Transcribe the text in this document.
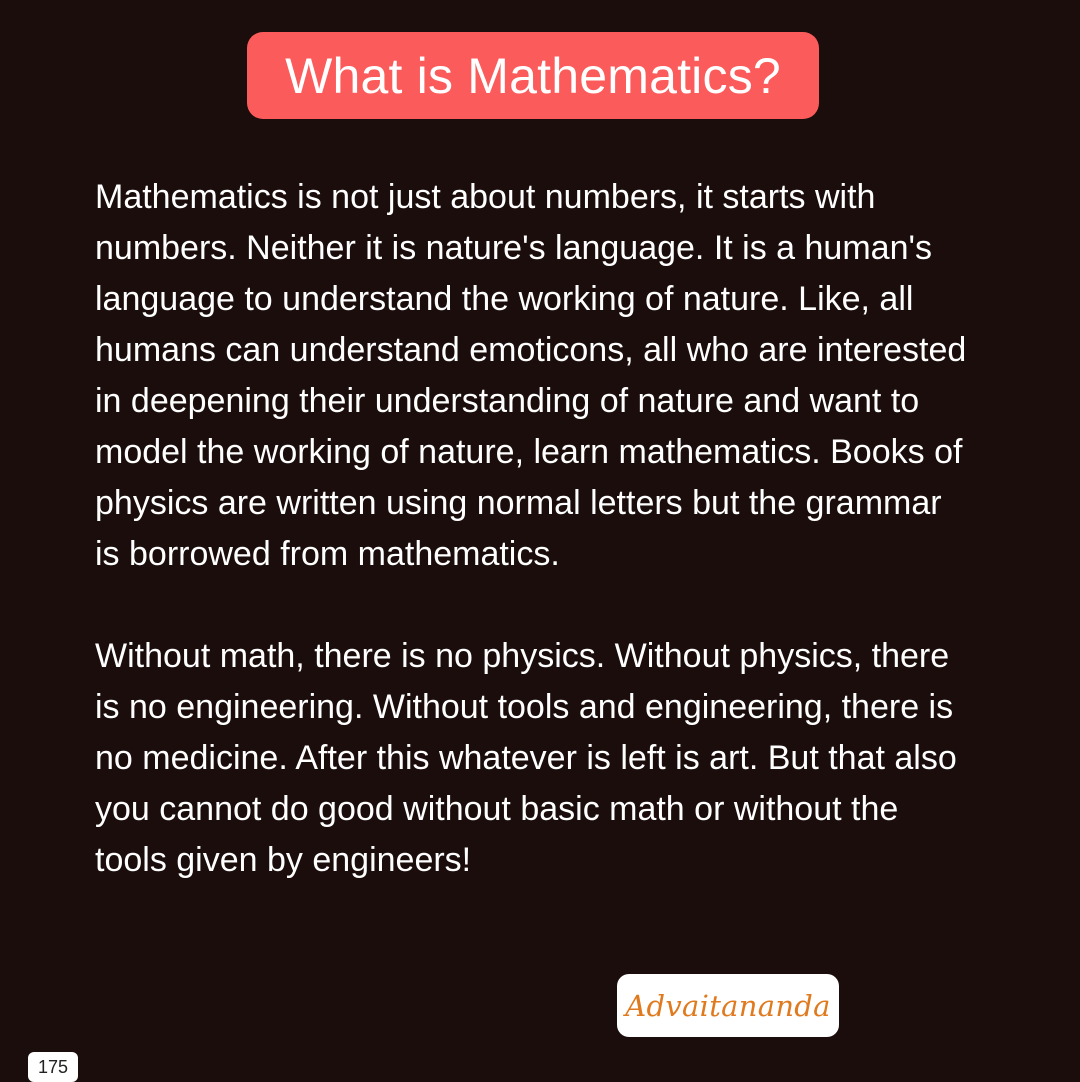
What is Mathematics?

Mathematics is not just about numbers, it starts with numbers. Neither it is nature's language. It is a human's language to understand the working of nature. Like, all humans can understand emoticons, all who are interested in deepening their understanding of nature and want to model the working of nature, learn mathematics. Books of physics are written using normal letters but the grammar is borrowed from mathematics.

Without math, there is no physics. Without physics, there is no engineering. Without tools and engineering, there is no medicine. After this whatever is left is art. But that also you cannot do good without basic math or without the tools given by engineers!

Advaitananda
175
